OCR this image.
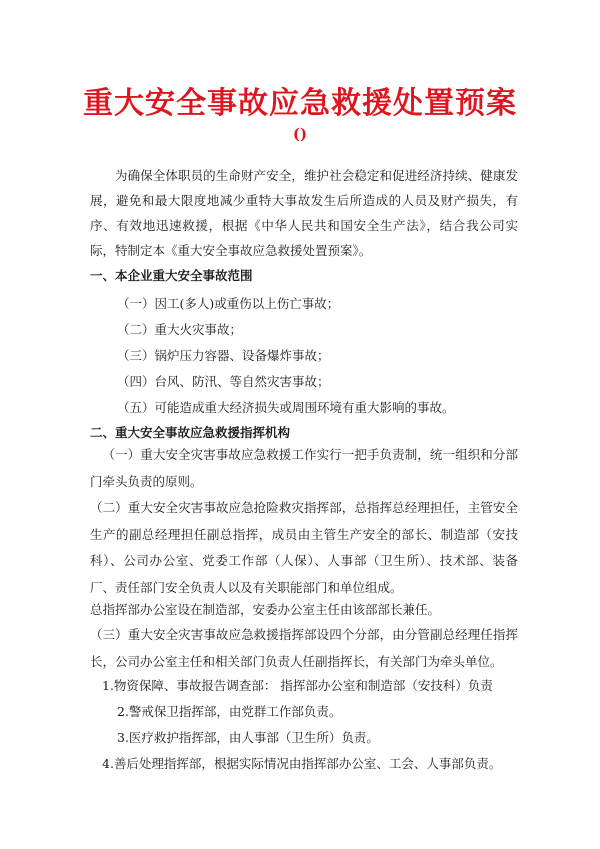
重大安全事故应急救援处置预案

()

为确保全体职员的生命财产安全，维护社会稳定和促进经济持续、健康发展，避免和最大限度地减少重特大事故发生后所造成的人员及财产损失，有序、有效地迅速救援，根据《中华人民共和国安全生产法》，结合我公司实际，特制定本《重大安全事故应急救援处置预案》。

一、本企业重大安全事故范围

（一）因工(多人)或重伤以上伤亡事故；

（二）重大火灾事故；

（三）锅炉压力容器、设备爆炸事故；

（四）台风、防汛、等自然灾害事故；

（五）可能造成重大经济损失或周围环境有重大影响的事故。

二、重大安全事故应急救援指挥机构

（一）重大安全灾害事故应急救援工作实行一把手负责制，统一组织和分部门牵头负责的原则。

（二）重大安全灾害事故应急抢险救灾指挥部，总指挥总经理担任，主管安全生产的副总经理担任副总指挥，成员由主管生产安全的部长、制造部（安技科）、公司办公室、党委工作部（人保）、人事部（卫生所）、技术部、装备厂、责任部门安全负责人以及有关职能部门和单位组成。

总指挥部办公室设在制造部，安委办公室主任由该部部长兼任。

（三）重大安全灾害事故应急救援指挥部设四个分部，由分管副总经理任指挥长，公司办公室主任和相关部门负责人任副指挥长，有关部门为牵头单位。

1.物资保障、事故报告调查部： 指挥部办公室和制造部（安技科）负责

2.警戒保卫指挥部，由党群工作部负责。

3.医疗救护指挥部，由人事部（卫生所）负责。

4.善后处理指挥部，根据实际情况由指挥部办公室、工会、人事部负责。
